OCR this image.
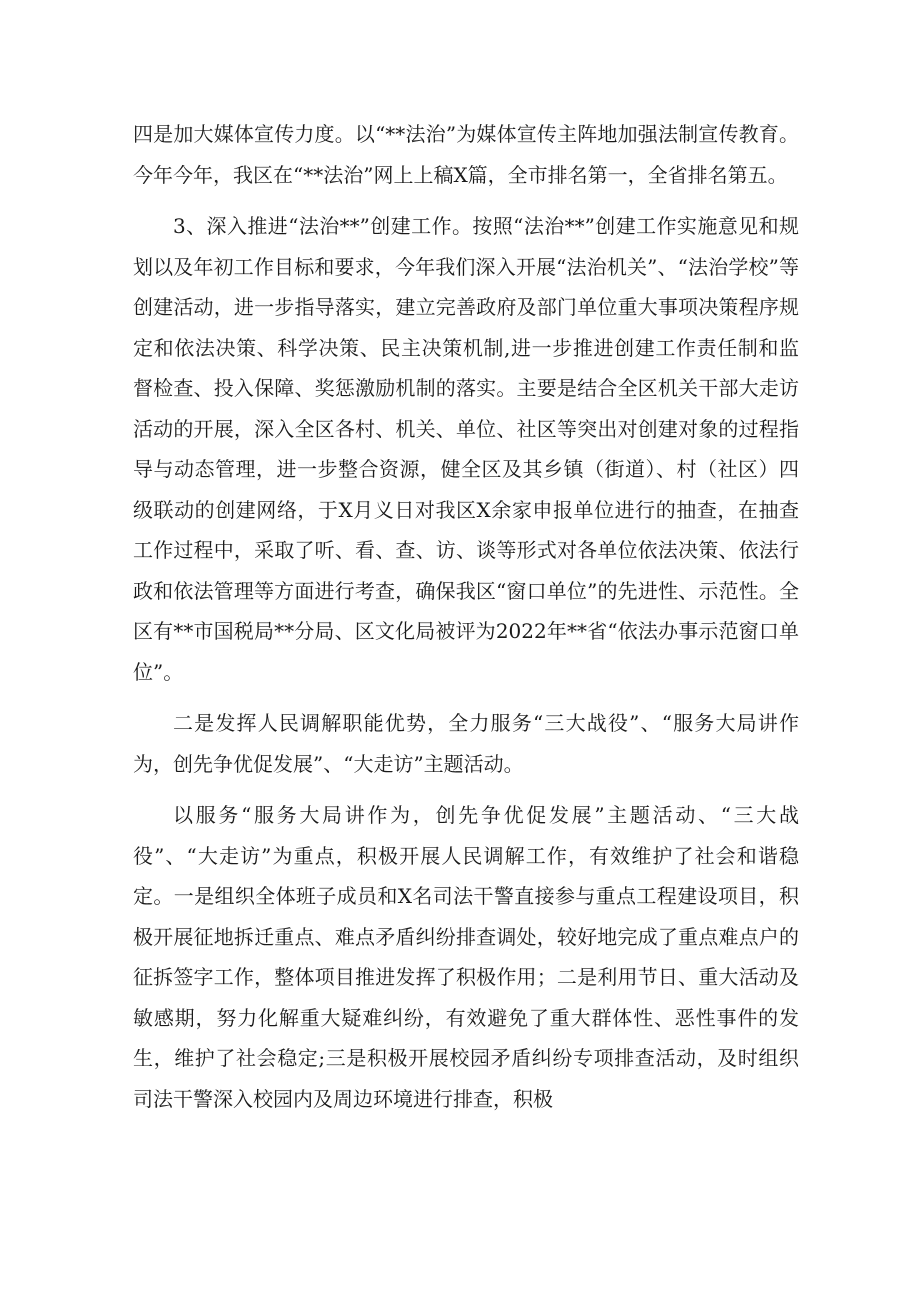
四是加大媒体宣传力度。以“**法治”为媒体宣传主阵地加强法制宣传教育。今年今年，我区在“**法治”网上上稿X篇，全市排名第一，全省排名第五。

3、深入推进“法治**”创建工作。按照“法治**”创建工作实施意见和规划以及年初工作目标和要求，今年我们深入开展“法治机关”、“法治学校”等创建活动，进一步指导落实，建立完善政府及部门单位重大事项决策程序规定和依法决策、科学决策、民主决策机制,进一步推进创建工作责任制和监督检查、投入保障、奖惩激励机制的落实。主要是结合全区机关干部大走访活动的开展，深入全区各村、机关、单位、社区等突出对创建对象的过程指导与动态管理，进一步整合资源，健全区及其乡镇（街道）、村（社区）四级联动的创建网络，于X月义日对我区X余家申报单位进行的抽查，在抽查工作过程中，采取了听、看、查、访、谈等形式对各单位依法决策、依法行政和依法管理等方面进行考查，确保我区“窗口单位”的先进性、示范性。全区有**市国税局**分局、区文化局被评为2022年**省“依法办事示范窗口单位”。

二是发挥人民调解职能优势，全力服务“三大战役”、“服务大局讲作为，创先争优促发展”、“大走访”主题活动。

以服务“服务大局讲作为，创先争优促发展”主题活动、“三大战役”、“大走访”为重点，积极开展人民调解工作，有效维护了社会和谐稳定。一是组织全体班子成员和X名司法干警直接参与重点工程建设项目，积极开展征地拆迁重点、难点矛盾纠纷排查调处，较好地完成了重点难点户的征拆签字工作，整体项目推进发挥了积极作用；二是利用节日、重大活动及敏感期，努力化解重大疑难纠纷，有效避免了重大群体性、恶性事件的发生，维护了社会稳定;三是积极开展校园矛盾纠纷专项排查活动，及时组织司法干警深入校园内及周边环境进行排查，积极
